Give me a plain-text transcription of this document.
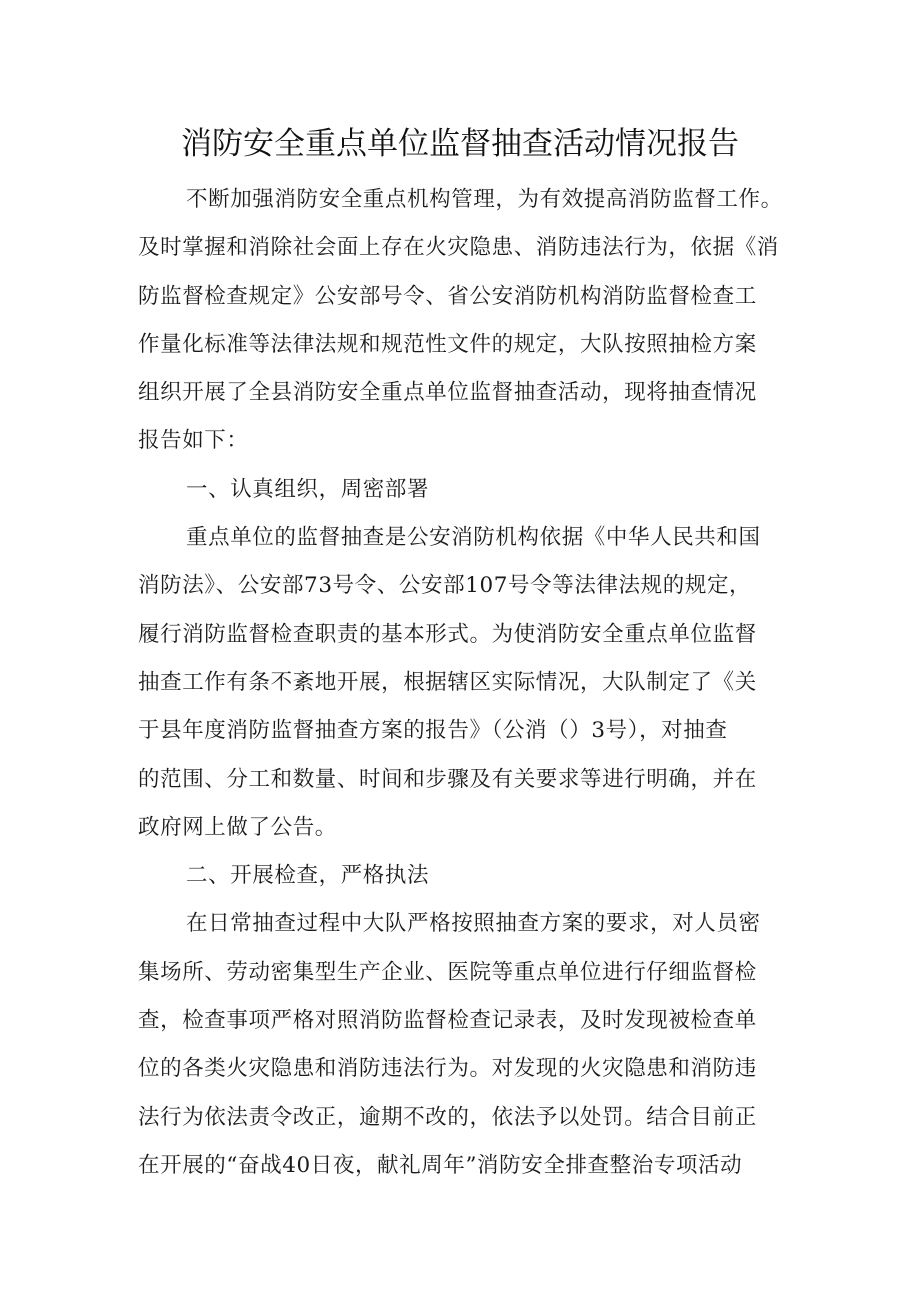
消防安全重点单位监督抽查活动情况报告
不断加强消防安全重点机构管理，为有效提高消防监督工作。
及时掌握和消除社会面上存在火灾隐患、消防违法行为，依据《消
防监督检查规定》公安部号令、省公安消防机构消防监督检查工
作量化标准等法律法规和规范性文件的规定，大队按照抽检方案
组织开展了全县消防安全重点单位监督抽查活动，现将抽查情况
报告如下：
一、认真组织，周密部署
重点单位的监督抽查是公安消防机构依据《中华人民共和国
消防法》、公安部73号令、公安部107号令等法律法规的规定，
履行消防监督检查职责的基本形式。为使消防安全重点单位监督
抽查工作有条不紊地开展，根据辖区实际情况，大队制定了《关
于县年度消防监督抽查方案的报告》（公消（）3号），对抽查
的范围、分工和数量、时间和步骤及有关要求等进行明确，并在
政府网上做了公告。
二、开展检查，严格执法
在日常抽查过程中大队严格按照抽查方案的要求，对人员密
集场所、劳动密集型生产企业、医院等重点单位进行仔细监督检
查，检查事项严格对照消防监督检查记录表，及时发现被检查单
位的各类火灾隐患和消防违法行为。对发现的火灾隐患和消防违
法行为依法责令改正，逾期不改的，依法予以处罚。结合目前正
在开展的“奋战40日夜，献礼周年”消防安全排查整治专项活动
